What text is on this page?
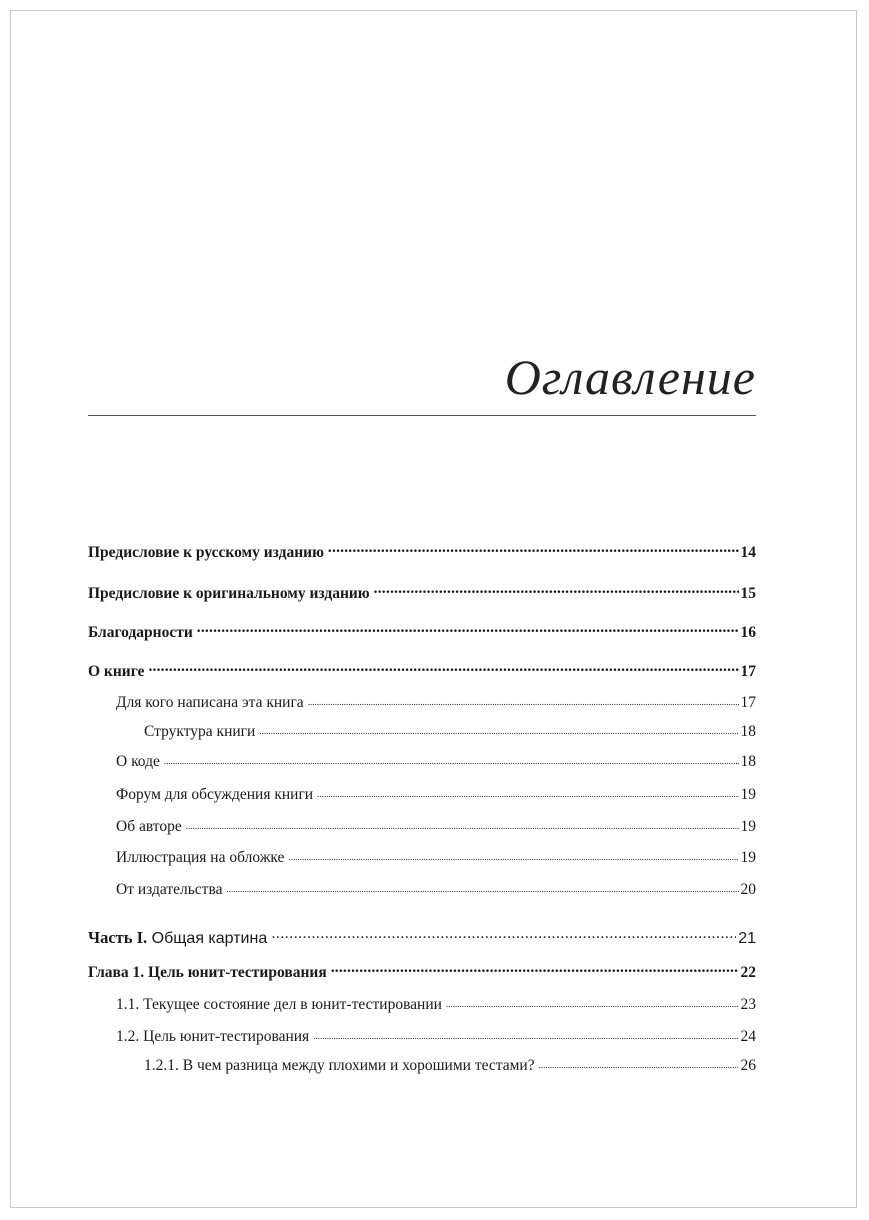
Оглавление
Предисловие к русскому изданию .....	14
Предисловие к оригинальному изданию .....	15
Благодарности .....	16
О книге .....	17
Для кого написана эта книга .....	17
Структура книги .....	18
О коде .....	18
Форум для обсуждения книги .....	19
Об авторе .....	19
Иллюстрация на обложке .....	19
От издательства .....	20
Часть I. Общая картина .....	21
Глава 1. Цель юнит-тестирования .....	22
1.1. Текущее состояние дел в юнит-тестировании .....	23
1.2. Цель юнит-тестирования .....	24
1.2.1. В чем разница между плохими и хорошими тестами? .....	26
